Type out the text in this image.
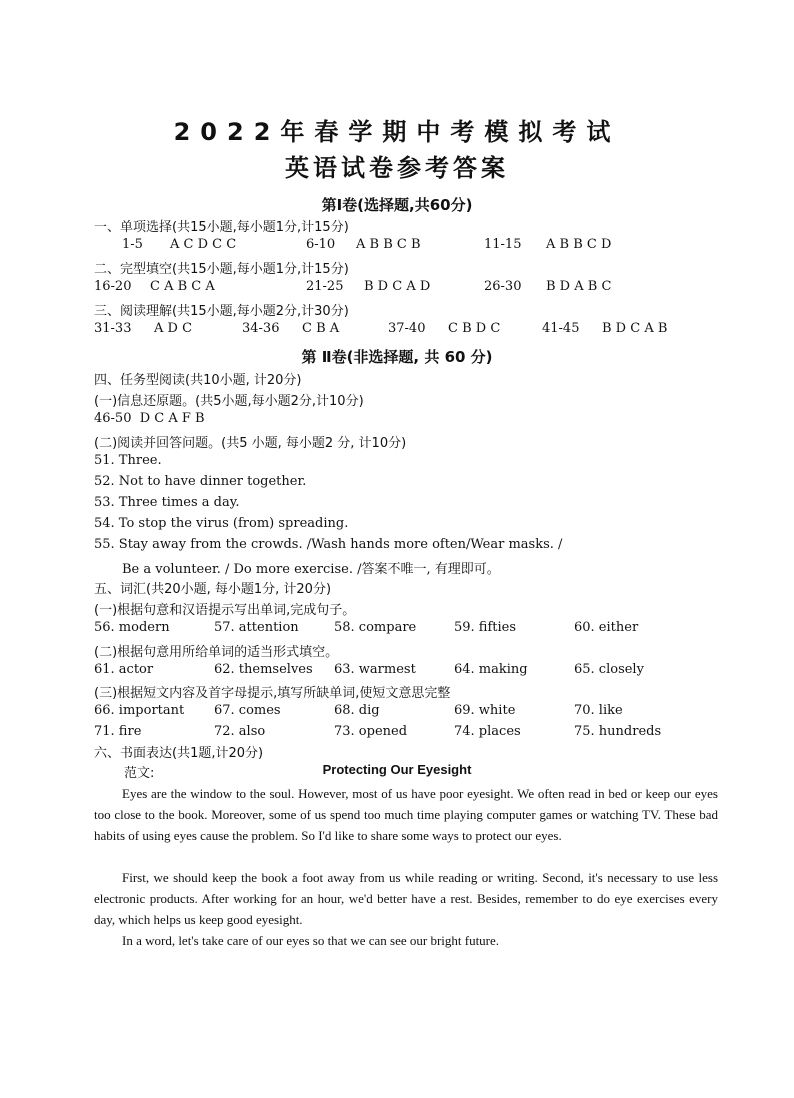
2022年春学期中考模拟考试
英语试卷参考答案
第Ⅰ卷(选择题,共60分)
一、单项选择(共15小题,每小题1分,计15分)
1-5 A C D C C	6-10 A B B C B	11-15 A B B C D
二、完型填空(共15小题,每小题1分,计15分)
16-20 C A B C A	21-25 B D C A D	26-30 B D A B C
三、阅读理解(共15小题,每小题2分,计30分)
31-33 A D C	34-36 C B A	37-40 C B D C	41-45 B D C A B
第 Ⅱ卷(非选择题, 共 60 分)
四、任务型阅读(共10小题, 计20分)
(一)信息还原题。(共5小题,每小题2分,计10分)
46-50  D C A F B
(二)阅读并回答问题。(共5 小题, 每小题2 分, 计10分)
51. Three.
52. Not to have dinner together.
53. Three times a day.
54. To stop the virus (from) spreading.
55. Stay away from the crowds. /Wash hands more often/Wear masks. /
Be a volunteer. / Do more exercise. /答案不唯一, 有理即可。
五、词汇(共20小题, 每小题1分, 计20分)
(一)根据句意和汉语提示写出单词,完成句子。
56. modern	57. attention	58. compare	59. fifties	60. either
(二)根据句意用所给单词的适当形式填空。
61. actor	62. themselves 63. warmest	64. making	65. closely
(三)根据短文内容及首字母提示,填写所缺单词,使短文意思完整
66. important 67. comes	68. dig	69. white	70. like
71. fire	72. also	73. opened	74. places	75. hundreds
六、书面表达(共1题,计20分)
范文:	Protecting Our Eyesight

Eyes are the window to the soul. However, most of us have poor eyesight. We often read in bed or keep our eyes too close to the book. Moreover, some of us spend too much time playing computer games or watching TV. These bad habits of using eyes cause the problem. So I'd like to share some ways to protect our eyes.

First, we should keep the book a foot away from us while reading or writing. Second, it's necessary to use less electronic products. After working for an hour, we'd better have a rest. Besides, remember to do eye exercises every day, which helps us keep good eyesight.

In a word, let's take care of our eyes so that we can see our bright future.
